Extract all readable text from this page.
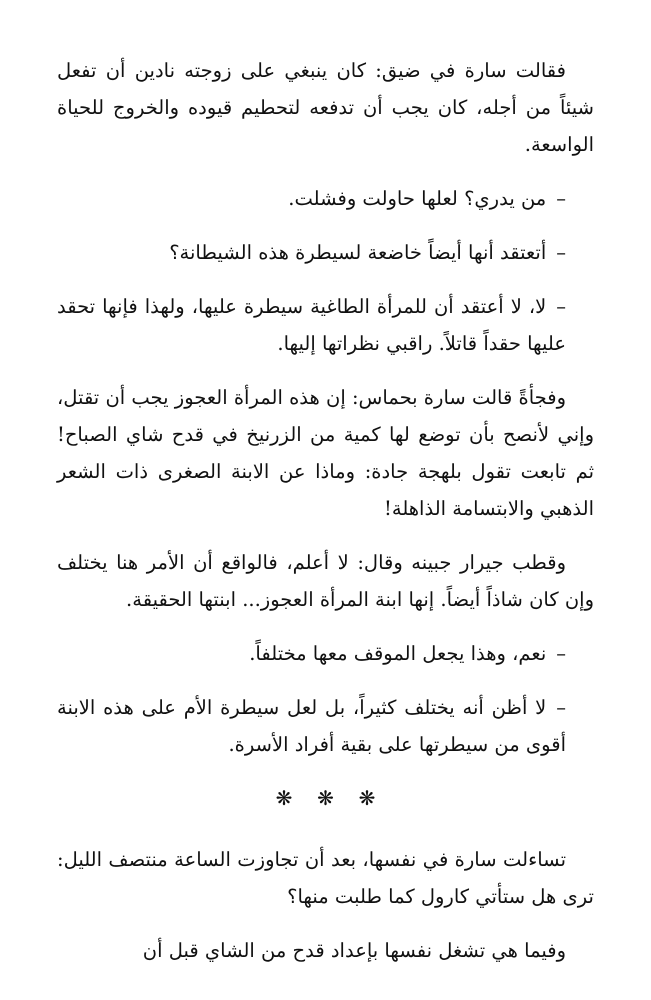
فقالت سارة في ضيق: كان ينبغي على زوجته نادين أن تفعل شيئاً من أجله، كان يجب أن تدفعه لتحطيم قيوده والخروج للحياة الواسعة.

–من يدري؟ لعلها حاولت وفشلت.

–أتعتقد أنها أيضاً خاضعة لسيطرة هذه الشيطانة؟

–لا، لا أعتقد أن للمرأة الطاغية سيطرة عليها، ولهذا فإنها تحقد عليها حقداً قاتلاً. راقبي نظراتها إليها.

وفجأةً قالت سارة بحماس: إن هذه المرأة العجوز يجب أن تقتل، وإني لأنصح بأن توضع لها كمية من الزرنيخ في قدح شاي الصباح! ثم تابعت تقول بلهجة جادة: وماذا عن الابنة الصغرى ذات الشعر الذهبي والابتسامة الذاهلة!

وقطب جيرار جبينه وقال: لا أعلم، فالواقع أن الأمر هنا يختلف وإن كان شاذاً أيضاً. إنها ابنة المرأة العجوز... ابنتها الحقيقة.

–نعم، وهذا يجعل الموقف معها مختلفاً.

–لا أظن أنه يختلف كثيراً، بل لعل سيطرة الأم على هذه الابنة أقوى من سيطرتها على بقية أفراد الأسرة.

❋ ❋ ❋

تساءلت سارة في نفسها، بعد أن تجاوزت الساعة منتصف الليل: ترى هل ستأتي كارول كما طلبت منها؟

وفيما هي تشغل نفسها بإعداد قدح من الشاي قبل أن
